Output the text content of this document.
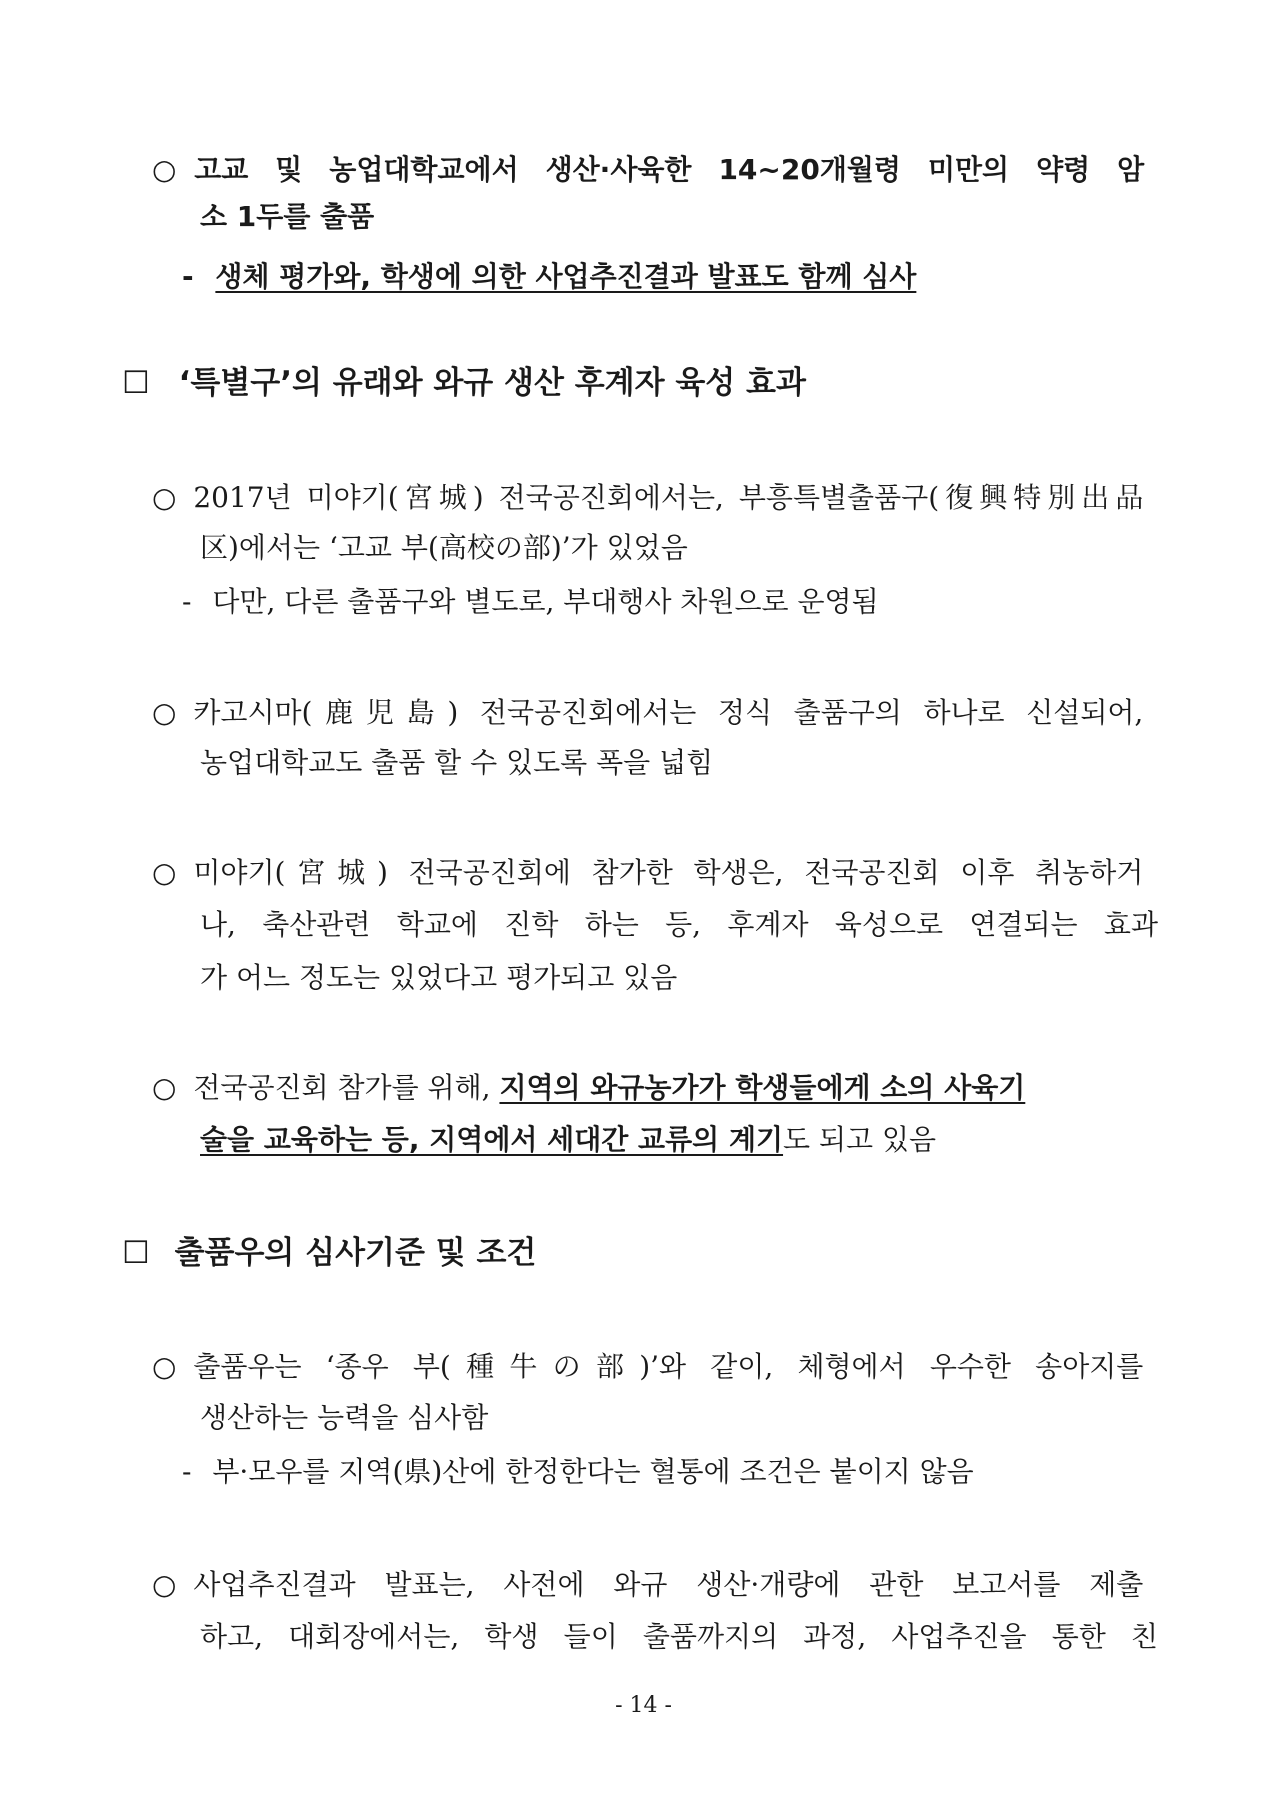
○ 고교 및 농업대학교에서 생산·사육한 14~20개월령 미만의 약령 암
소 1두를 출품
- 생체 평가와, 학생에 의한 사업추진결과 발표도 함께 심사
☐ ‘특별구’의 유래와 와규 생산 후계자 육성 효과
○ 2017년 미야기(宮城) 전국공진회에서는, 부흥특별출품구(復興特別出品
区)에서는 ‘고교 부(高校の部)’가 있었음
- 다만, 다른 출품구와 별도로, 부대행사 차원으로 운영됨
○ 카고시마(鹿児島) 전국공진회에서는 정식 출품구의 하나로 신설되어,
농업대학교도 출품 할 수 있도록 폭을 넓힘
○ 미야기(宮城) 전국공진회에 참가한 학생은, 전국공진회 이후 취농하거
나, 축산관련 학교에 진학 하는 등, 후계자 육성으로 연결되는 효과
가 어느 정도는 있었다고 평가되고 있음
○ 전국공진회 참가를 위해, 지역의 와규농가가 학생들에게 소의 사육기
술을 교육하는 등, 지역에서 세대간 교류의 계기도 되고 있음
☐ 출품우의 심사기준 및 조건
○ 출품우는 ‘종우 부(種牛の部)’와 같이, 체형에서 우수한 송아지를
생산하는 능력을 심사함
- 부·모우를 지역(県)산에 한정한다는 혈통에 조건은 붙이지 않음
○ 사업추진결과 발표는, 사전에 와규 생산·개량에 관한 보고서를 제출
하고, 대회장에서는, 학생 들이 출품까지의 과정, 사업추진을 통한 친
- 14 -
